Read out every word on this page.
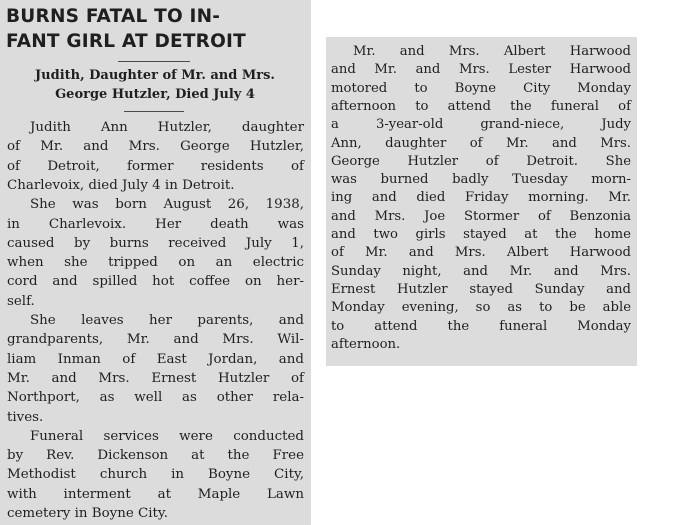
BURNS FATAL TO IN-
FANT GIRL AT DETROIT
Judith, Daughter of Mr. and Mrs.
George Hutzler, Died July 4

Judith Ann Hutzler, daughter

of Mr. and Mrs. George Hutzler,

of Detroit, former residents of

Charlevoix, died July 4 in Detroit.

She was born August 26, 1938,

in Charlevoix. Her death was

caused by burns received July 1,

when she tripped on an electric

cord and spilled hot coffee on her-

self.

She leaves her parents, and

grandparents, Mr. and Mrs. Wil-

liam Inman of East Jordan, and

Mr. and Mrs. Ernest Hutzler of

Northport, as well as other rela-

tives.

Funeral services were conducted

by Rev. Dickenson at the Free

Methodist church in Boyne City,

with interment at Maple Lawn

cemetery in Boyne City.

Mr. and Mrs. Albert Harwood

and Mr. and Mrs. Lester Harwood

motored to Boyne City Monday

afternoon to attend the funeral of

a 3-year-old grand-niece, Judy

Ann, daughter of Mr. and Mrs.

George Hutzler of Detroit. She

was burned badly Tuesday morn-

ing and died Friday morning. Mr.

and Mrs. Joe Stormer of Benzonia

and two girls stayed at the home

of Mr. and Mrs. Albert Harwood

Sunday night, and Mr. and Mrs.

Ernest Hutzler stayed Sunday and

Monday evening, so as to be able

to attend the funeral Monday

afternoon.
